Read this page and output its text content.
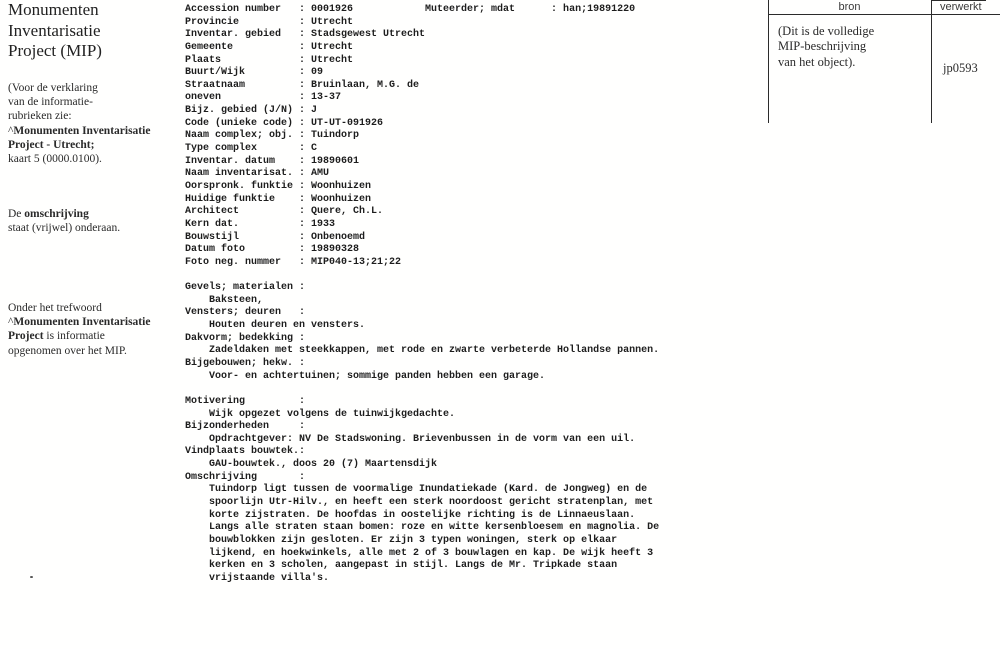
Monumenten
Inventarisatie
Project (MIP)
(Voor de verklaring
van de informatie-
rubrieken zie:
^Monumenten Inventarisatie
Project - Utrecht;
kaart 5 (0000.0100).
De omschrijving
staat (vrijwel) onderaan.
Onder het trefwoord
^Monumenten Inventarisatie
Project is informatie
opgenomen over het MIP.
Accession number   : 0001926            Muteerder; mdat      : han;19891220
Provincie          : Utrecht
Inventar. gebied   : Stadsgewest Utrecht
Gemeente           : Utrecht
Plaats             : Utrecht
Buurt/Wijk         : 09
Straatnaam         : Bruinlaan, M.G. de
oneven             : 13-37
Bijz. gebied (J/N) : J
Code (unieke code) : UT-UT-091926
Naam complex; obj. : Tuindorp
Type complex       : C
Inventar. datum    : 19890601
Naam inventarisat. : AMU
Oorspronk. funktie : Woonhuizen
Huidige funktie    : Woonhuizen
Architect          : Quere, Ch.L.
Kern dat.          : 1933
Bouwstijl          : Onbenoemd
Datum foto         : 19890328
Foto neg. nummer   : MIP040-13;21;22
Gevels; materialen :
Baksteen,
Vensters; deuren   :
Houten deuren en vensters.
Dakvorm; bedekking :
Zadeldaken met steekkappen, met rode en zwarte verbeterde Hollandse pannen.
Bijgebouwen; hekw. :
Voor- en achtertuinen; sommige panden hebben een garage.
Motivering         :
Wijk opgezet volgens de tuinwijkgedachte.
Bijzonderheden     :
Opdrachtgever: NV De Stadswoning. Brievenbussen in de vorm van een uil.
Vindplaats bouwtek.:
GAU-bouwtek., doos 20 (7) Maartensdijk
Omschrijving       :
Tuindorp ligt tussen de voormalige Inundatiekade (Kard. de Jongweg) en de
spoorlijn Utr-Hilv., en heeft een sterk noordoost gericht stratenplan, met
korte zijstraten. De hoofdas in oostelijke richting is de Linnaeuslaan.
Langs alle straten staan bomen: roze en witte kersenbloesem en magnolia. De
bouwblokken zijn gesloten. Er zijn 3 typen woningen, sterk op elkaar
lijkend, en hoekwinkels, alle met 2 of 3 bouwlagen en kap. De wijk heeft 3
kerken en 3 scholen, aangepast in stijl. Langs de Mr. Tripkade staan
vrijstaande villa's.
bron	verwerkt
(Dit is de volledige
MIP-beschrijving
van het object).	jp0593
